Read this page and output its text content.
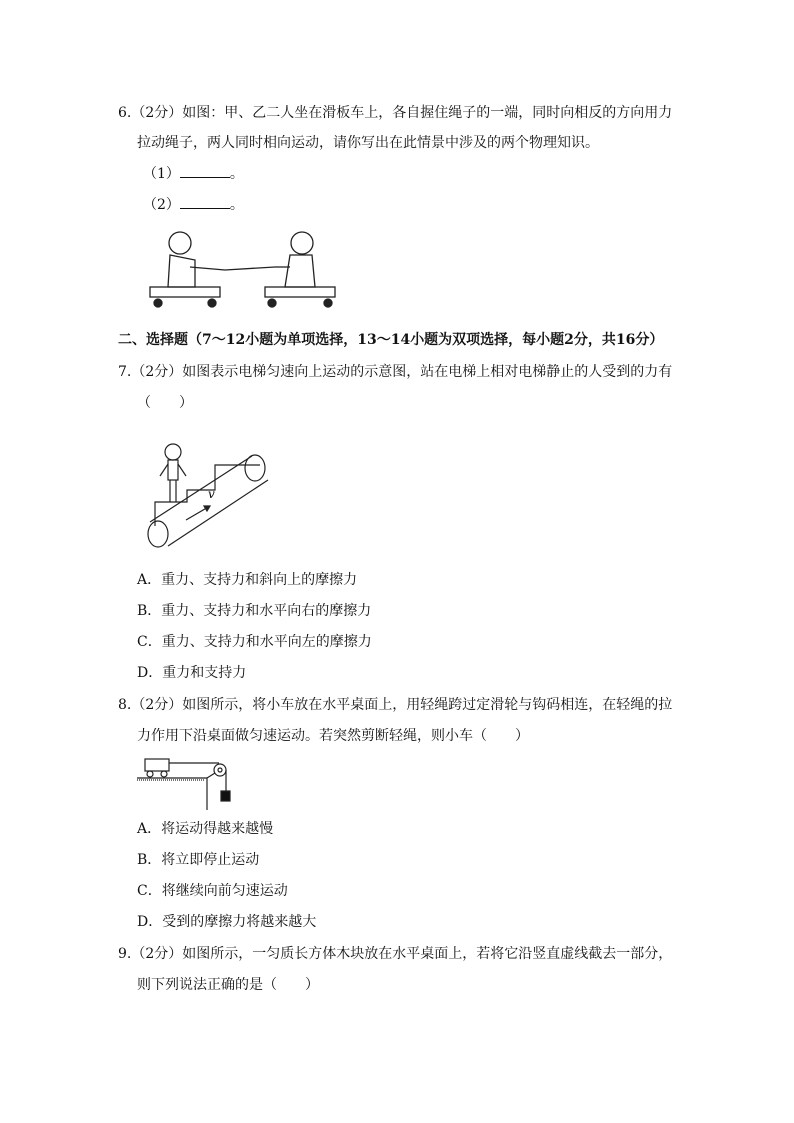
6.（2分）如图：甲、乙二人坐在滑板车上，各自握住绳子的一端，同时向相反的方向用力
拉动绳子，两人同时相向运动，请你写出在此情景中涉及的两个物理知识。
（1）	。
（2）	。
二、选择题（7～12小题为单项选择，13～14小题为双项选择，每小题2分，共16分）
7.（2分）如图表示电梯匀速向上运动的示意图，站在电梯上相对电梯静止的人受到的力有
（　　）
v
A．重力、支持力和斜向上的摩擦力
B．重力、支持力和水平向右的摩擦力
C．重力、支持力和水平向左的摩擦力
D．重力和支持力
8.（2分）如图所示，将小车放在水平桌面上，用轻绳跨过定滑轮与钩码相连，在轻绳的拉
力作用下沿桌面做匀速运动。若突然剪断轻绳，则小车（　　）
A．将运动得越来越慢
B．将立即停止运动
C．将继续向前匀速运动
D．受到的摩擦力将越来越大
9.（2分）如图所示，一匀质长方体木块放在水平桌面上，若将它沿竖直虚线截去一部分，
则下列说法正确的是（　　）
